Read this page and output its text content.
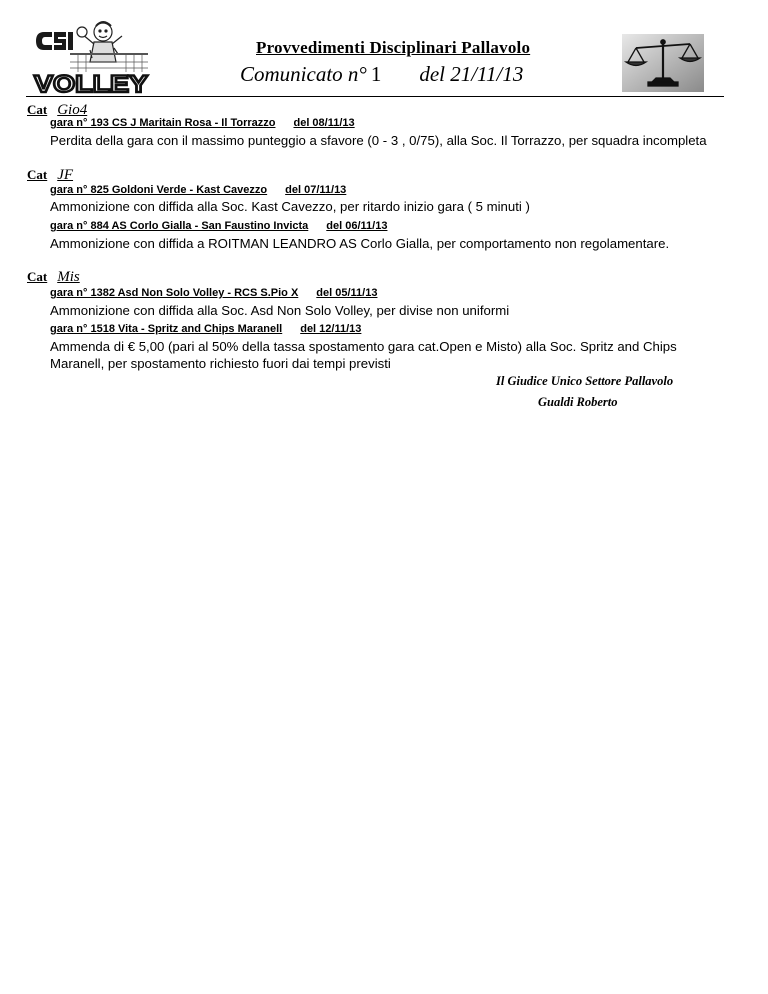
VOLLEY
Provvedimenti Disciplinari Pallavolo
Comunicato n° 1 del 21/11/13
Cat Gio4
gara n° 193 CS J Maritain Rosa - Il Torrazzo del 08/11/13
Perdita della gara con il massimo punteggio a sfavore (0 - 3 , 0/75), alla Soc. Il Torrazzo, per squadra incompleta
Cat JF
gara n° 825 Goldoni Verde - Kast Cavezzo del 07/11/13
Ammonizione con diffida alla Soc. Kast Cavezzo, per ritardo inizio gara ( 5 minuti )
gara n° 884 AS Corlo Gialla - San Faustino Invicta del 06/11/13
Ammonizione con diffida a ROITMAN LEANDRO AS Corlo Gialla, per comportamento non regolamentare.
Cat Mis
gara n° 1382 Asd Non Solo Volley - RCS S.Pio X del 05/11/13
Ammonizione con diffida alla Soc. Asd Non Solo Volley, per divise non uniformi
gara n° 1518 Vita - Spritz and Chips Maranell del 12/11/13
Ammenda di € 5,00 (pari al 50% della tassa spostamento gara cat.Open e Misto) alla Soc. Spritz and Chips Maranell, per spostamento richiesto fuori dai tempi previsti
Il Giudice Unico Settore Pallavolo
Gualdi Roberto
